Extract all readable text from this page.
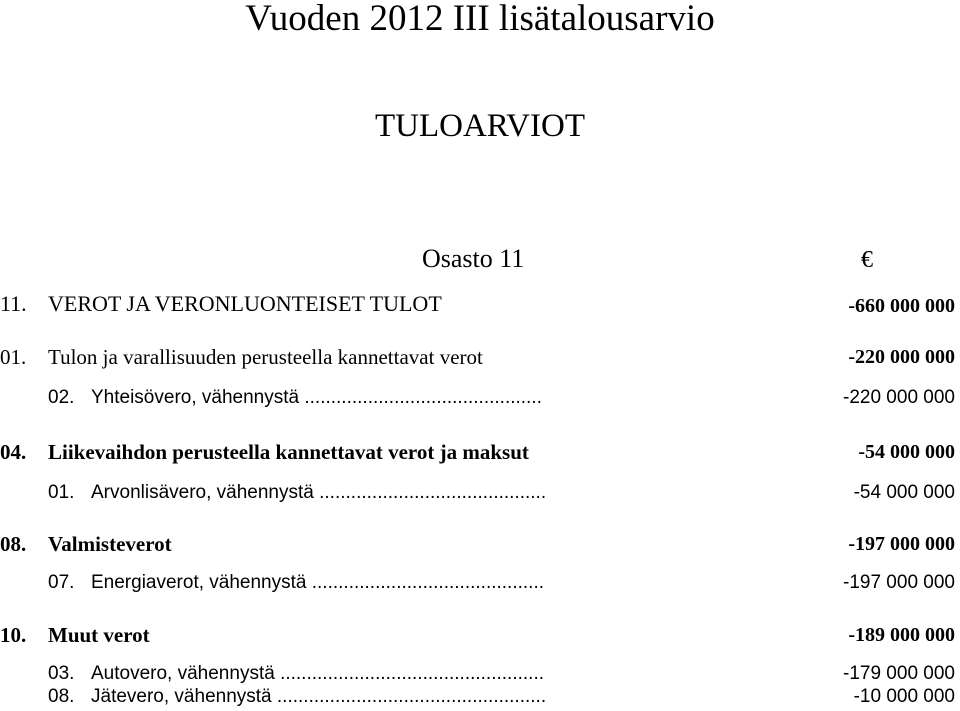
Vuoden 2012 III lisätalousarvio
TULOARVIOT
Osasto 11	€
11. VEROT JA VERONLUONTEISET TULOT	-660 000 000
01. Tulon ja varallisuuden perusteella kannettavat verot	-220 000 000
02. Yhteisövero, vähennystä .............................................	-220 000 000
04. Liikevaihdon perusteella kannettavat verot ja maksut	-54 000 000
01. Arvonlisävero, vähennystä ...........................................	-54 000 000
08. Valmisteverot	-197 000 000
07. Energiaverot, vähennystä ............................................	-197 000 000
10. Muut verot	-189 000 000
03. Autovero, vähennystä ..................................................	-179 000 000
08. Jätevero, vähennystä ...................................................	-10 000 000
